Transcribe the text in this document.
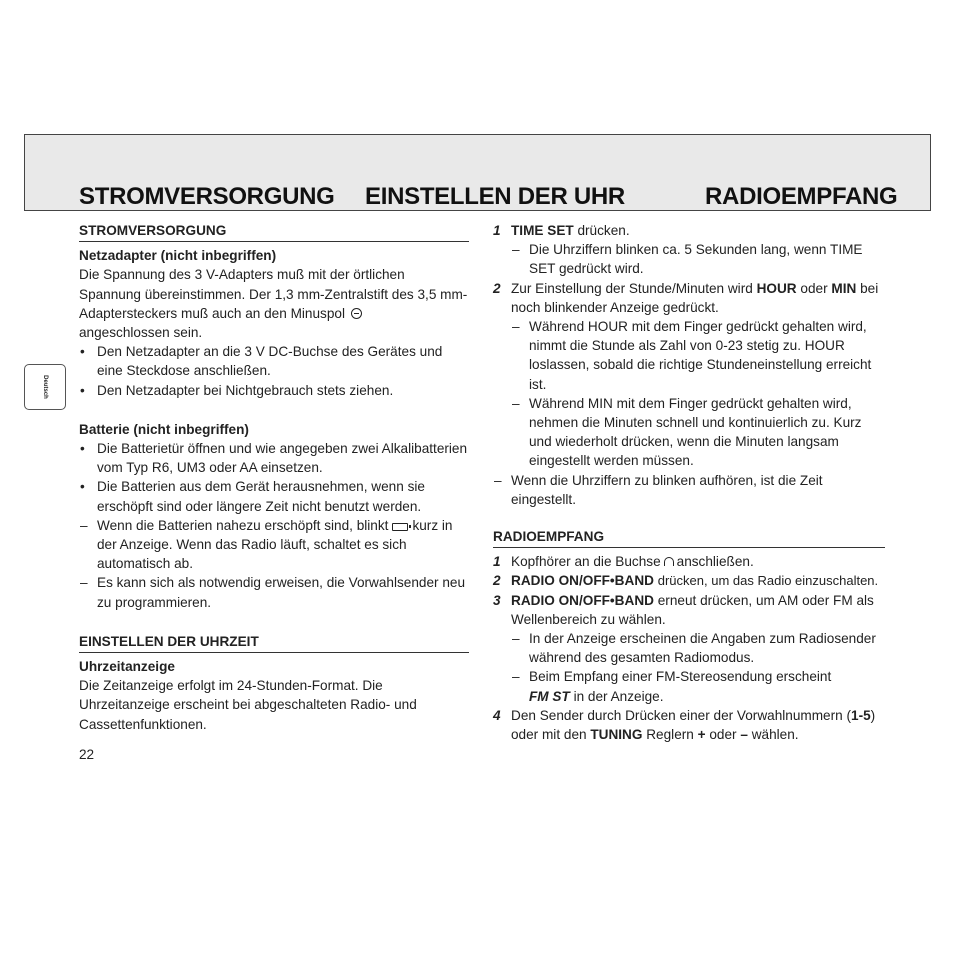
STROMVERSORGUNG EINSTELLEN DER UHR	RADIOEMPFANG
Deutsch

STROMVERSORGUNG

Netzadapter (nicht inbegriffen)

Die Spannung des 3 V-Adapters muß mit der örtlichen Spannung übereinstimmen. Der 1,3 mm-Zentralstift des 3,5 mm-Adaptersteckers muß auch an den Minuspol
angeschlossen sein.

• Den Netzadapter an die 3 V DC-Buchse des Gerätes und eine Steckdose anschließen.

• Den Netzadapter bei Nichtgebrauch stets ziehen.

Batterie (nicht inbegriffen)

• Die Batterietür öffnen und wie angegeben zwei Alkalibatterien vom Typ R6, UM3 oder AA einsetzen.

• Die Batterien aus dem Gerät herausnehmen, wenn sie erschöpft sind oder längere Zeit nicht benutzt werden.

– Wenn die Batterien nahezu erschöpft sind, blinkt kurz in der Anzeige. Wenn das Radio läuft, schaltet es sich automatisch ab.

– Es kann sich als notwendig erweisen, die Vorwahlsender neu zu programmieren.

EINSTELLEN DER UHRZEIT

Uhrzeitanzeige

Die Zeitanzeige erfolgt im 24-Stunden-Format. Die Uhrzeitanzeige erscheint bei abgeschalteten Radio- und Cassettenfunktionen.

22

1 TIME SET drücken.

– Die Uhrziffern blinken ca. 5 Sekunden lang, wenn TIME SET gedrückt wird.

2 Zur Einstellung der Stunde/Minuten wird HOUR oder MIN bei noch blinkender Anzeige gedrückt.

– Während HOUR mit dem Finger gedrückt gehalten wird, nimmt die Stunde als Zahl von 0-23 stetig zu. HOUR loslassen, sobald die richtige Stundeneinstellung erreicht ist.

– Während MIN mit dem Finger gedrückt gehalten wird, nehmen die Minuten schnell und kontinuierlich zu. Kurz und wiederholt drücken, wenn die Minuten langsam eingestellt werden müssen.

– Wenn die Uhrziffern zu blinken aufhören, ist die Zeit eingestellt.

RADIOEMPFANG

1 Kopfhörer an die Buchse anschließen.

2 RADIO ON/OFF•BAND drücken, um das Radio einzuschalten.

3 RADIO ON/OFF•BAND erneut drücken, um AM oder FM als Wellenbereich zu wählen.

– In der Anzeige erscheinen die Angaben zum Radiosender während des gesamten Radiomodus.

– Beim Empfang einer FM-Stereosendung erscheint
FM ST in der Anzeige.

4 Den Sender durch Drücken einer der Vorwahlnummern (1-5) oder mit den TUNING Reglern + oder – wählen.
